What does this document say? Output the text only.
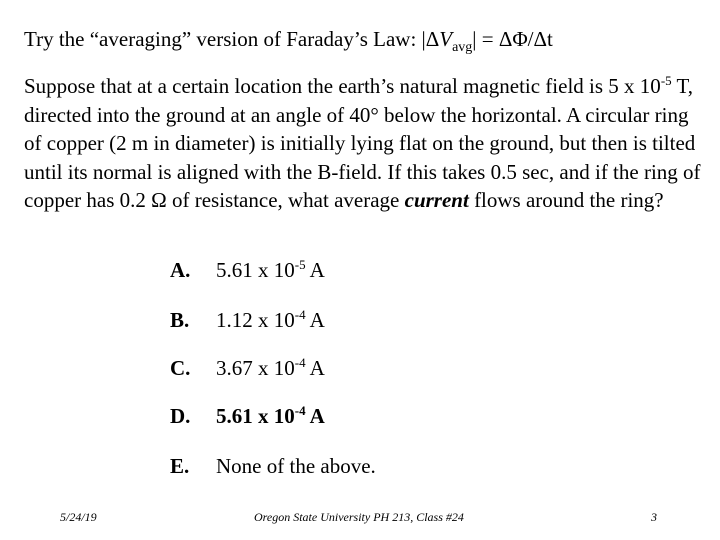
Try the “averaging” version of Faraday’s Law: $|\Delta V_{avg}| = \Delta\Phi/\Delta t$
Suppose that at a certain location the earth’s natural magnetic field is 5 x $10^{-5}$ T, directed into the ground at an angle of 40° below the horizontal. A circular ring of copper (2 m in diameter) is initially lying flat on the ground, but then is tilted until its normal is aligned with the B-field. If this takes 0.5 sec, and if the ring of copper has 0.2 Ω of resistance, what average current flows around the ring?
A. 5.61 x $10^{-5}$ A
B. 1.12 x $10^{-4}$ A
C. 3.67 x $10^{-4}$ A
D. 5.61 x $10^{-4}$ A
E. None of the above.
5/24/19	Oregon State University PH 213, Class #24	3
